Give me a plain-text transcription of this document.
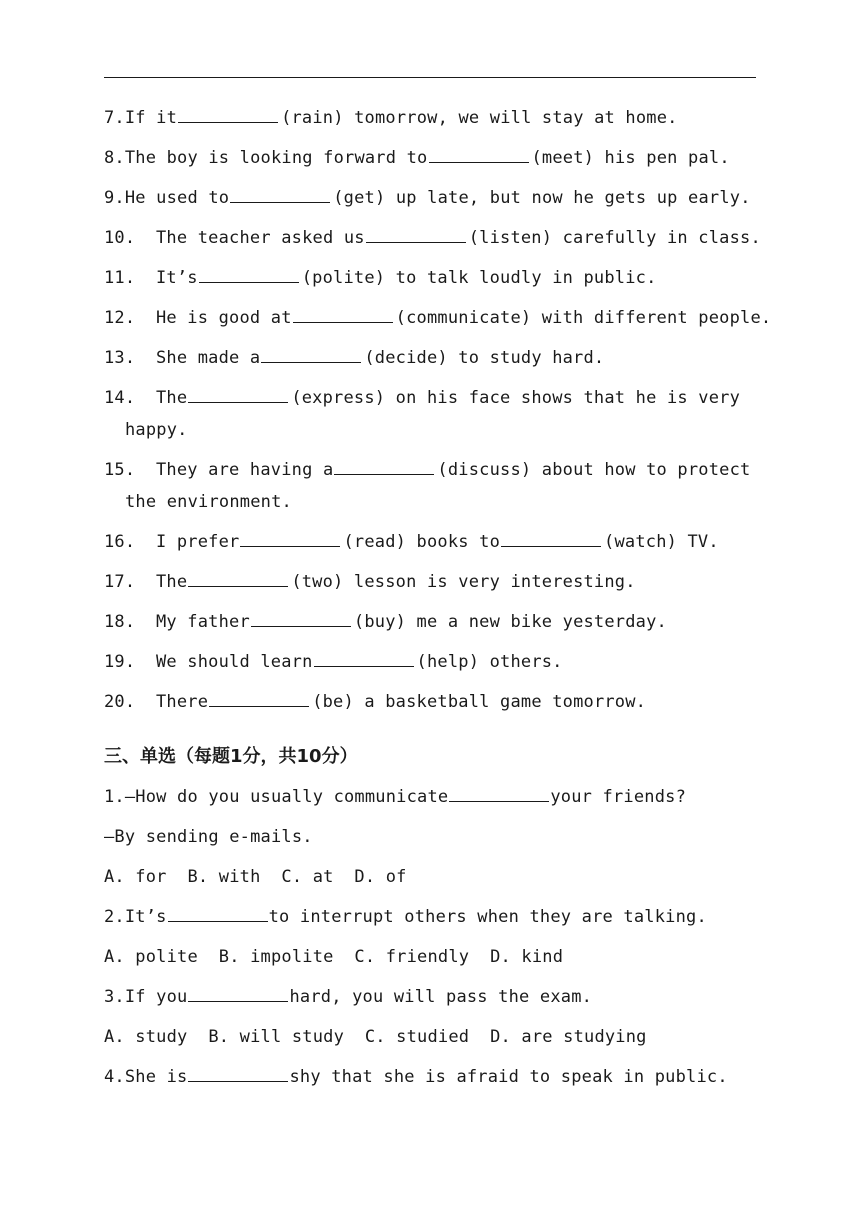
7.If it	(rain) tomorrow, we will stay at home.
8.The boy is looking forward to	(meet) his pen pal.
9.He used to	(get) up late, but now he gets up early.
10. The teacher asked us	(listen) carefully in class.
11. It’s	(polite) to talk loudly in public.
12. He is good at	(communicate) with different people.
13. She made a	(decide) to study hard.
14. The	(express) on his face shows that he is very
happy.
15. They are having a	(discuss) about how to protect
the environment.
16. I prefer	(read) books to	(watch) TV.
17. The	(two) lesson is very interesting.
18. My father	(buy) me a new bike yesterday.
19. We should learn	(help) others.
20. There	(be) a basketball game tomorrow.
三、单选（每题1分，共10分）
1.—How do you usually communicate	your friends?
—By sending e-mails.
A. for  B. with  C. at  D. of
2.It’s	to interrupt others when they are talking.
A. polite  B. impolite  C. friendly  D. kind
3.If you	hard, you will pass the exam.
A. study  B. will study  C. studied  D. are studying
4.She is	shy that she is afraid to speak in public.
